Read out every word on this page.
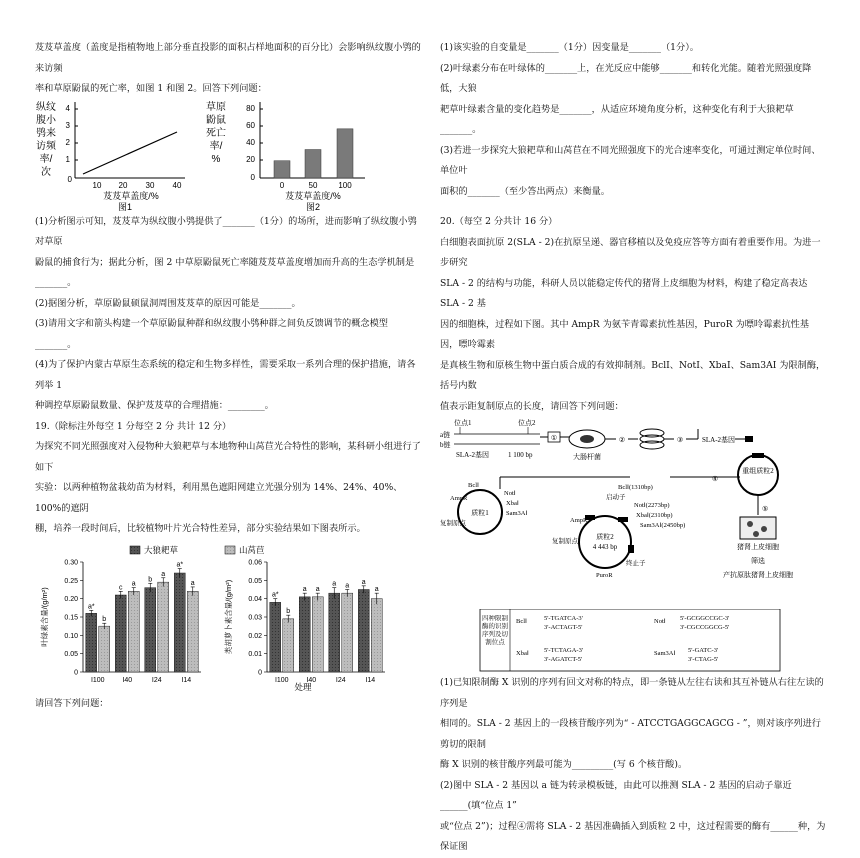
芨芨草盖度（盖度是指植物地上部分垂直投影的面积占样地面积的百分比）会影响纵纹腹小鸮的来访频

率和草原鼢鼠的死亡率，如图 1 和图 2。回答下列问题：

纵纹
腹小
鸮来
访频
率/
次
4
3
2
1
0
10 20 30 40
芨芨草盖度/%
图1
草原
鼢鼠
死亡
率/
%
80
60
40
20
0
0	50	100
芨芨草盖度/%
图2

(1)分析图示可知，芨芨草为纵纹腹小鸮提供了_______（1分）的场所，进而影响了纵纹腹小鸮对草原

鼢鼠的捕食行为；据此分析，图 2 中草原鼢鼠死亡率随芨芨草盖度增加而升高的生态学机制是_______。

(2)据图分析，草原鼢鼠硕鼠洞周围芨芨草的原因可能是_______。

(3)请用文字和箭头构建一个草原鼢鼠种群和纵纹腹小鸮种群之间负反馈调节的概念模型_______。

(4)为了保护内蒙古草原生态系统的稳定和生物多样性，需要采取一系列合理的保护措施，请各列举 1

种调控草原鼢鼠数量、保护芨芨草的合理措施：________。

19.（除标注外每空 1 分每空 2 分 共计 12 分）

为探究不同光照强度对入侵物种大狼耙草与本地物种山莴苣光合特性的影响，某科研小组进行了如下

实验：以两种植物盆栽幼苗为材料，利用黑色遮阳网建立光强分别为 14%、24%、40%、100%的遮阴

棚，培养一段时间后，比较植物叶片光合特性差异，部分实验结果如下图表所示。

大狼耙草	山莴苣
0.30
0.25
0.20
0.15
0.10
0.05
0
叶绿素含量/(g/m²)	a*
b
I100
c
a
I40
b
a
I24
a*
a
I14
0.06
0.05
0.04
0.03
0.02
0.01
0
类胡萝卜素含量/(g/m²)	a*
b
I100
a a
I40
a a
I24
a
a
I14
处理

请回答下列问题：

(1)该实验的自变量是_______（1分）因变量是_______（1分）。

(2)叶绿素分布在叶绿体的_______上，在光反应中能够_______和转化光能。随着光照强度降低，大狼

耙草叶绿素含量的变化趋势是_______，从适应环境角度分析，这种变化有利于大狼耙草_______。

(3)若进一步探究大狼耙草和山莴苣在不同光照强度下的光合速率变化，可通过测定单位时间、单位叶

面积的_______（至少答出两点）来衡量。

20.（每空 2 分共计 16 分）

白细胞表面抗原 2(SLA - 2)在抗原呈递、器官移植以及免疫应答等方面有着重要作用。为进一步研究

SLA - 2 的结构与功能，科研人员以能稳定传代的猪肾上皮细胞为材料，构建了稳定高表达 SLA - 2 基

因的细胞株，过程如下图。其中 AmpR 为氨苄青霉素抗性基因，PuroR 为嘌呤霉素抗性基因，嘌呤霉素

是真核生物和原核生物中蛋白质合成的有效抑制剂。BclI、NotI、XbaI、Sam3AI 为限制酶，括号内数

值表示距复制原点的长度，请回答下列问题：

位点1	位点2
a链
b链
SLA-2基因	1 100 bp
①
大肠杆菌
②	③	SLA-2基因
质粒1
BclⅠ
AmpR
NotⅠ
XbaⅠ
Sam3AⅠ
复制原点
质粒2
4 443 bp
BclⅠ(1310bp)
启动子
NotⅠ(2273bp)
XbaⅠ(2310bp)
Sam3AⅠ(2450bp)
AmpR
复制原点
终止子
PuroR
④
重组质粒2
⑤
猪肾上皮细胞
筛选
产抗原肽猪肾上皮细胞
四种限制酶的识别序列及切割位点
BclⅠ	5'-TGATCA-3'
3'-ACTAGT-5'
NotⅠ 5'-GCGGCCGC-3'
3'-CGCCGGCG-5'
XbaⅠ 5'-TCTAGA-3'
3'-AGATCT-5'
Sam3AⅠ 5'-GATC-3'
3'-CTAG-5'

(1)已知限制酶 X 识别的序列有回文对称的特点，即一条链从左往右读和其互补链从右往左读的序列是

相同的。SLA - 2 基因上的一段核苷酸序列为“ - ATCCTGAGGCAGCG - ”，则对该序列进行剪切的限制

酶 X 识别的核苷酸序列最可能为_________(写 6 个核苷酸)。

(2)图中 SLA - 2 基因以 a 链为转录模板链，由此可以推测 SLA - 2 基因的启动子靠近______(填“位点 1”

或“位点 2”)；过程④需将 SLA - 2 基因准确插入到质粒 2 中，这过程需要的酶有______种，为保证图
